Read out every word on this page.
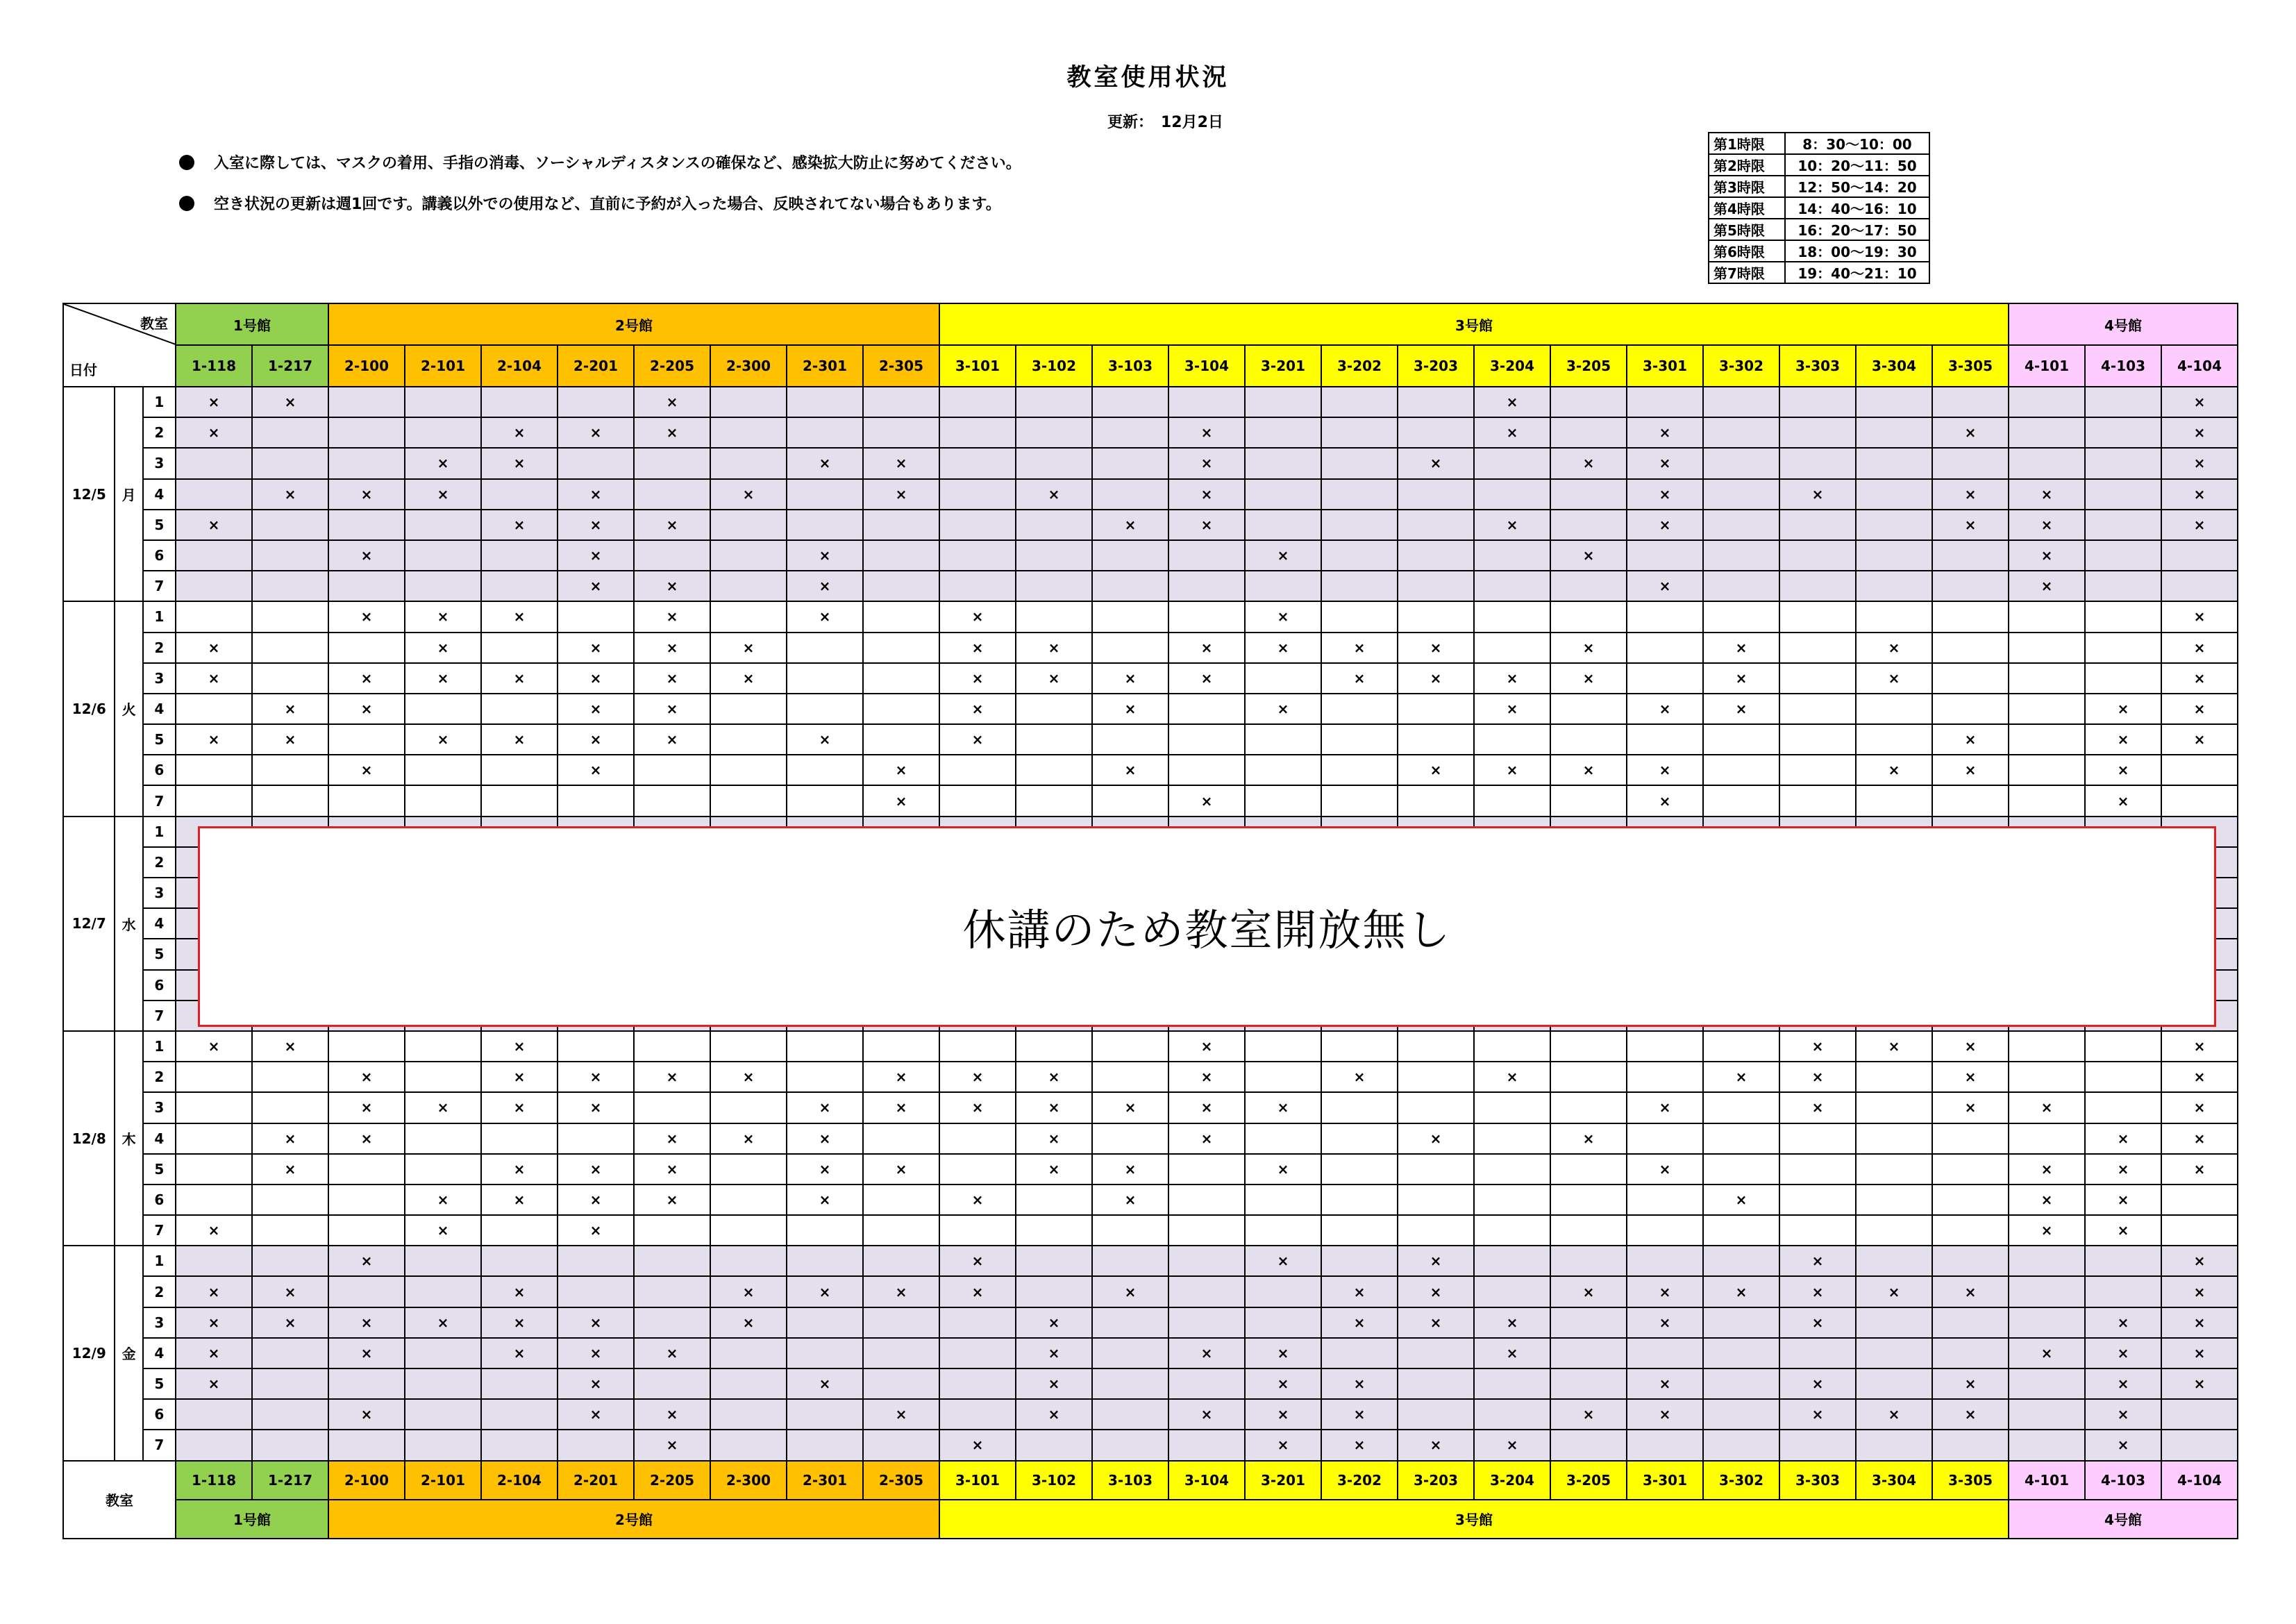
教室使用状況
更新：　12月2日
入室に際しては、マスクの着用、手指の消毒、ソーシャルディスタンスの確保など、感染拡大防止に努めてください。
空き状況の更新は週1回です。講義以外での使用など、直前に予約が入った場合、反映されてない場合もあります。
第1時限	8：30～10：00
第2時限	10：20～11：50
第3時限	12：50～14：20
第4時限	14：40～16：10
第5時限	16：20～17：50
第6時限	18：00～19：30
第7時限	19：40～21：10
教室
日付			1号館		2号館								3号館														4号館		
			1-118	1-217	2-100	2-101	2-104	2-201	2-205	2-300	2-301	2-305	3-101	3-102	3-103	3-104	3-201	3-202	3-203	3-204	3-205	3-301	3-302	3-303	3-304	3-305	4-101	4-103	4-104
12/5	月	1	×	×					×											×									×
		2	×				×	×	×							×				×		×				×			×
		3				×	×				×	×				×			×		×	×							×
		4		×	×	×		×		×		×		×		×						×		×		×	×		×
		5	×				×	×	×						×	×				×		×				×	×		×
		6			×			×			×						×				×						×		
		7						×	×		×											×					×		
12/6	火	1			×	×	×		×		×		×				×												×
		2	×			×		×	×	×			×	×		×	×	×	×		×		×		×				×
		3	×		×	×	×	×	×	×			×	×	×	×		×	×	×	×		×		×				×
		4		×	×			×	×				×		×		×			×		×	×					×	×
		5	×	×		×	×	×	×		×		×													×		×	×
		6			×			×				×			×				×	×	×	×			×	×		×	
		7										×				×						×						×	
12/7	水	1																											
		2																											
		3																											
		4																											
		5																											
		6																											
		7																											
12/8	木	1	×	×			×									×								×	×	×			×
		2			×		×	×	×	×		×	×	×		×		×		×			×	×		×			×
		3			×	×	×	×			×	×	×	×	×	×	×					×		×		×	×		×
		4		×	×				×	×	×			×		×			×		×							×	×
		5		×			×	×	×		×	×		×	×		×					×					×	×	×
		6				×	×	×	×		×		×		×								×				×	×	
		7	×			×		×																			×	×	
12/9	金	1			×								×				×		×					×					×
		2	×	×			×			×	×	×	×		×			×	×		×	×	×	×	×	×			×
		3	×	×	×	×	×	×		×				×				×	×	×		×		×				×	×
		4	×		×		×	×	×					×		×	×			×							×	×	×
		5	×					×			×			×			×	×				×		×		×		×	×
		6			×			×	×			×		×		×	×	×			×	×		×	×	×		×	
		7							×				×				×	×	×	×								×	
教室			1-118	1-217	2-100	2-101	2-104	2-201	2-205	2-300	2-301	2-305	3-101	3-102	3-103	3-104	3-201	3-202	3-203	3-204	3-205	3-301	3-302	3-303	3-304	3-305	4-101	4-103	4-104
			1号館		2号館								3号館														4号館		
休講のため教室開放無し
